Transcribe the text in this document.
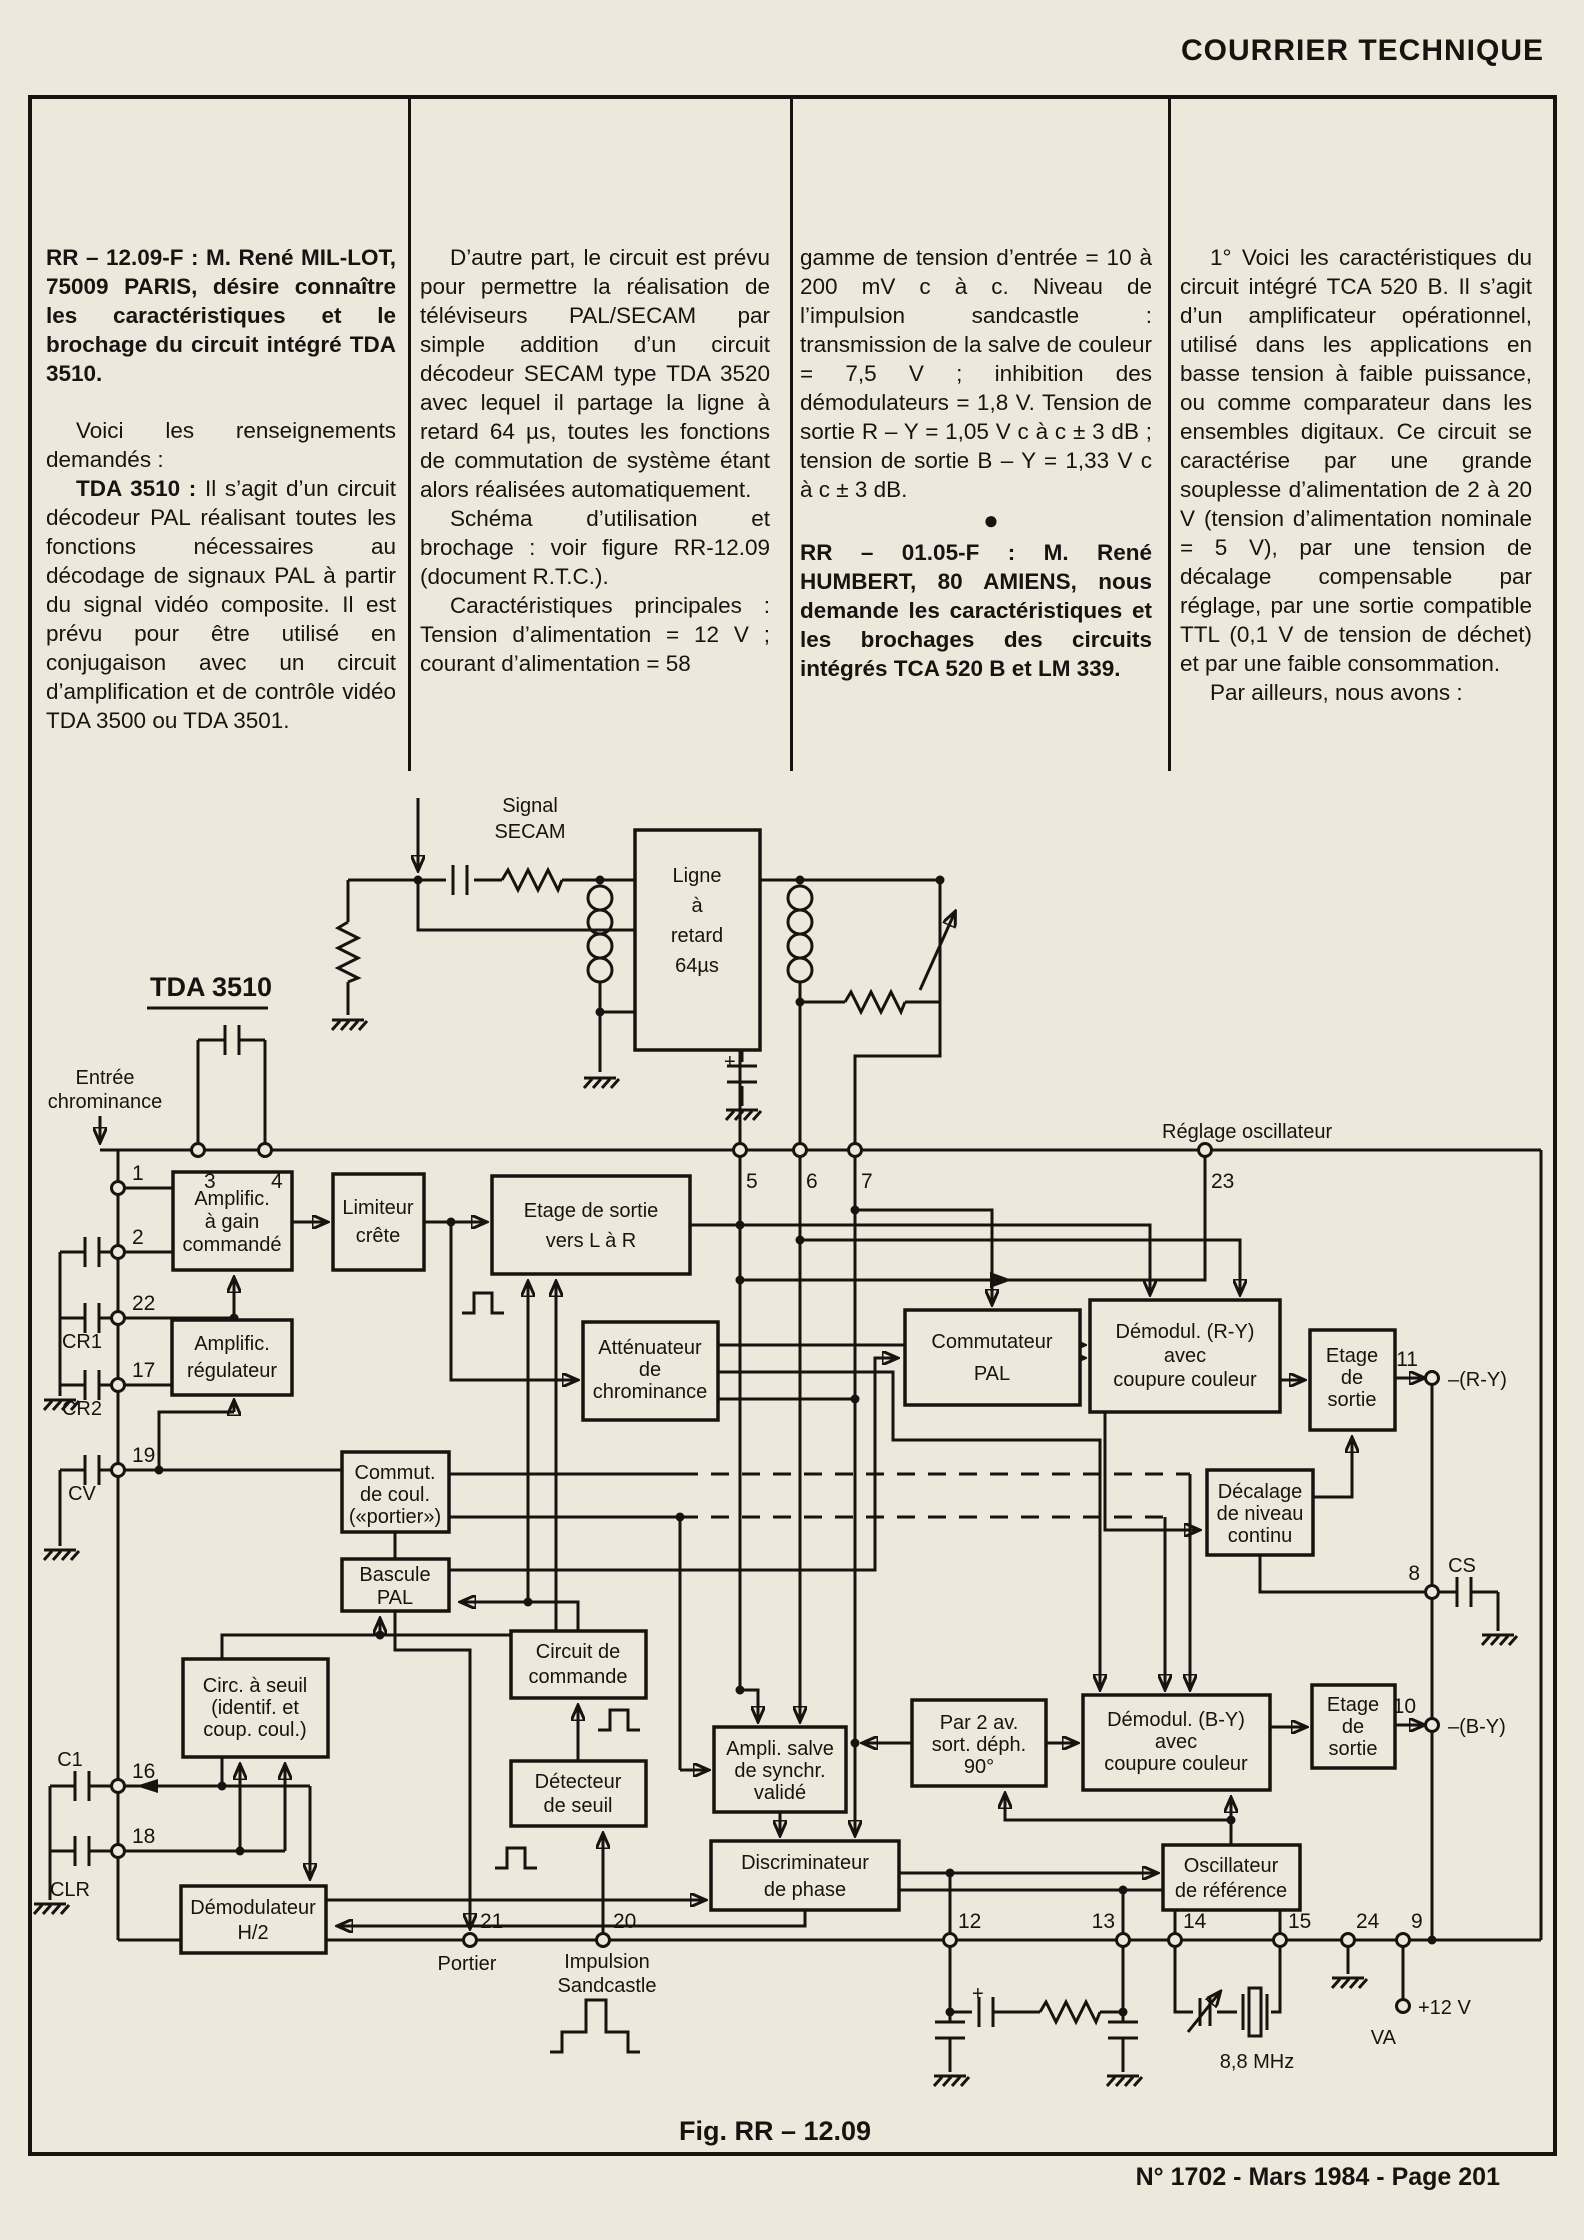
COURRIER TECHNIQUE

RR – 12.09-F : M. René MIL-LOT, 75009 PARIS, désire connaître les caractéristiques et le brochage du circuit intégré TDA 3510.

Voici les renseignements demandés :

TDA 3510 : Il s’agit d’un circuit décodeur PAL réalisant toutes les fonctions nécessaires au décodage de signaux PAL à partir du signal vidéo composite. Il est prévu pour être utilisé en conjugaison avec un circuit d’amplification et de contrôle vidéo TDA 3500 ou TDA 3501.

D’autre part, le circuit est prévu pour permettre la réalisation de téléviseurs PAL/SECAM par simple addition d’un circuit décodeur SECAM type TDA 3520 avec lequel il partage la ligne à retard 64 µs, toutes les fonctions de commutation de système étant alors réalisées automatiquement.

Schéma d’utilisation et brochage : voir figure RR-12.09 (document R.T.C.).

Caractéristiques principales : Tension d’alimentation = 12 V ; courant d’alimentation = 58

gamme de tension d’entrée = 10 à 200 mV c à c. Niveau de l’impulsion sandcastle : transmission de la salve de couleur = 7,5 V ; inhibition des démodulateurs = 1,8 V. Tension de sortie R – Y = 1,05 V c à c ± 3 dB ; tension de sortie B – Y = 1,33 V c à c ± 3 dB.

●

RR – 01.05-F : M. René HUMBERT, 80 AMIENS, nous demande les caractéristiques et les brochages des circuits intégrés TCA 520 B et LM 339.

1° Voici les caractéristiques du circuit intégré TCA 520 B. Il s’agit d’un amplificateur opérationnel, utilisé dans les applications en basse tension à faible puissance, ou comme comparateur dans les ensembles digitaux. Ce circuit se caractérise par une grande souplesse d’alimentation de 2 à 20 V (tension d’alimentation nominale = 5 V), par une tension de décalage compensable par réglage, par une sortie compatible TTL (0,1 V de tension de déchet) et par une faible consommation.

Par ailleurs, nous avons :

Ligne
à
retard
64µs
Amplific.
à gain
commandé
Limiteur
crête
Etage de sortie
vers L à R
Atténuateur
de
chrominance
Amplific.
régulateur
Commut.
de coul.
(«portier»)
Bascule
PAL
Circ. à seuil
(identif. et
coup. coul.)
Circuit de
commande
Détecteur
de seuil
Démodulateur
H/2
Ampli. salve
de synchr.
validé
Discriminateur
de phase
Commutateur
PAL
Démodul. (R-Y)
avec
coupure couleur
Etage
de
sortie
Décalage
de niveau
continu
Par 2 av.
sort. déph.
90°
Démodul. (B-Y)
avec
coupure couleur
Etage
de
sortie
Oscillateur
de référence
3	4	5 6 7	23
1
2
22
17
19
16
18
11
8
10
21	20	12	13	14	15 24 9
TDA 3510
Signal
SECAM
Entrée
chrominance
Réglage oscillateur
CR1
CR2
CV
C1
CLR
CS
–(R-Y)
–(B-Y)
Portier	Impulsion
Sandcastle
8,8 MHz
+12 V
VA
+
+
Fig. RR – 12.09
N° 1702 - Mars 1984 - Page 201
